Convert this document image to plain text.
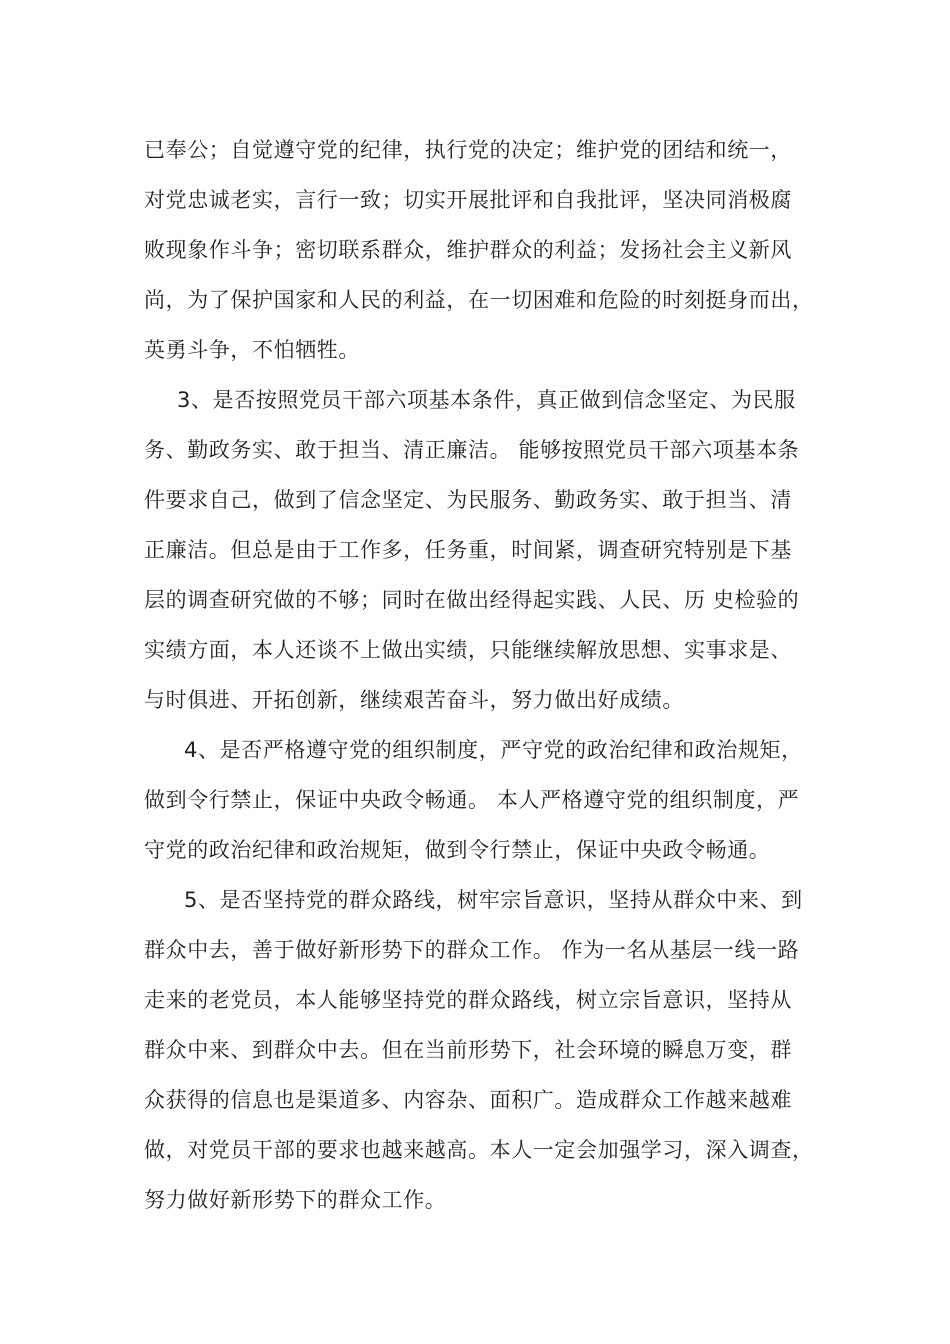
已奉公；自觉遵守党的纪律，执行党的决定；维护党的团结和统一，
对党忠诚老实，言行一致；切实开展批评和自我批评，坚决同消极腐
败现象作斗争；密切联系群众，维护群众的利益；发扬社会主义新风
尚，为了保护国家和人民的利益，在一切困难和危险的时刻挺身而出，
英勇斗争，不怕牺牲。
3、是否按照党员干部六项基本条件，真正做到信念坚定、为民服
务、勤政务实、敢于担当、清正廉洁。 能够按照党员干部六项基本条
件要求自己，做到了信念坚定、为民服务、勤政务实、敢于担当、清
正廉洁。但总是由于工作多，任务重，时间紧，调查研究特别是下基
层的调查研究做的不够；同时在做出经得起实践、人民、历 史检验的
实绩方面，本人还谈不上做出实绩，只能继续解放思想、实事求是、
与时俱进、开拓创新，继续艰苦奋斗，努力做出好成绩。
4、是否严格遵守党的组织制度，严守党的政治纪律和政治规矩，
做到令行禁止，保证中央政令畅通。 本人严格遵守党的组织制度，严
守党的政治纪律和政治规矩，做到令行禁止，保证中央政令畅通。
5、是否坚持党的群众路线，树牢宗旨意识，坚持从群众中来、到
群众中去，善于做好新形势下的群众工作。 作为一名从基层一线一路
走来的老党员，本人能够坚持党的群众路线，树立宗旨意识，坚持从
群众中来、到群众中去。但在当前形势下，社会环境的瞬息万变，群
众获得的信息也是渠道多、内容杂、面积广。造成群众工作越来越难
做，对党员干部的要求也越来越高。本人一定会加强学习，深入调查，
努力做好新形势下的群众工作。
